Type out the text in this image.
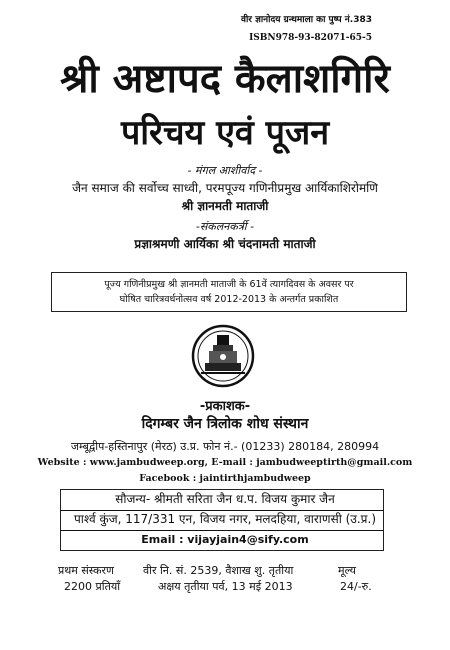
वीर ज्ञानोदय ग्रन्थमाला का पुष्प नं.383
ISBN978-93-82071-65-5
श्री अष्टापद कैलाशगिरि
परिचय एवं पूजन
- मंगल आशीर्वाद -
जैन समाज की सर्वोच्च साध्वी, परमपूज्य गणिनीप्रमुख आर्यिकाशिरोमणि
श्री ज्ञानमती माताजी
-संकलनकर्त्री -
प्रज्ञाश्रमणी आर्यिका श्री चंदनामती माताजी
पूज्य गणिनीप्रमुख श्री ज्ञानमती माताजी के 61वें त्यागदिवस के अवसर पर
घोषित चारित्रवर्धनोत्सव वर्ष 2012-2013 के अन्तर्गत प्रकाशित
-प्रकाशक-
दिगम्बर जैन त्रिलोक शोध संस्थान
जम्बूद्वीप-हस्तिनापुर (मेरठ) उ.प्र. फोन नं.- (01233) 280184, 280994
Website : www.jambudweep.org, E-mail : jambudweeptirth@gmail.com
Facebook : jaintirthjambudweep
सौजन्य- श्रीमती सरिता जैन ध.प. विजय कुमार जैन
पार्श्व कुंज, 117/331 एन, विजय नगर, मलदहिया, वाराणसी (उ.प्र.)
Email : vijayjain4@sify.com
प्रथम संस्करण
2200 प्रतियाँ
वीर नि. सं. 2539, वैशाख शु. तृतीया
अक्षय तृतीया पर्व, 13 मई 2013
मूल्य
24/-रु.
